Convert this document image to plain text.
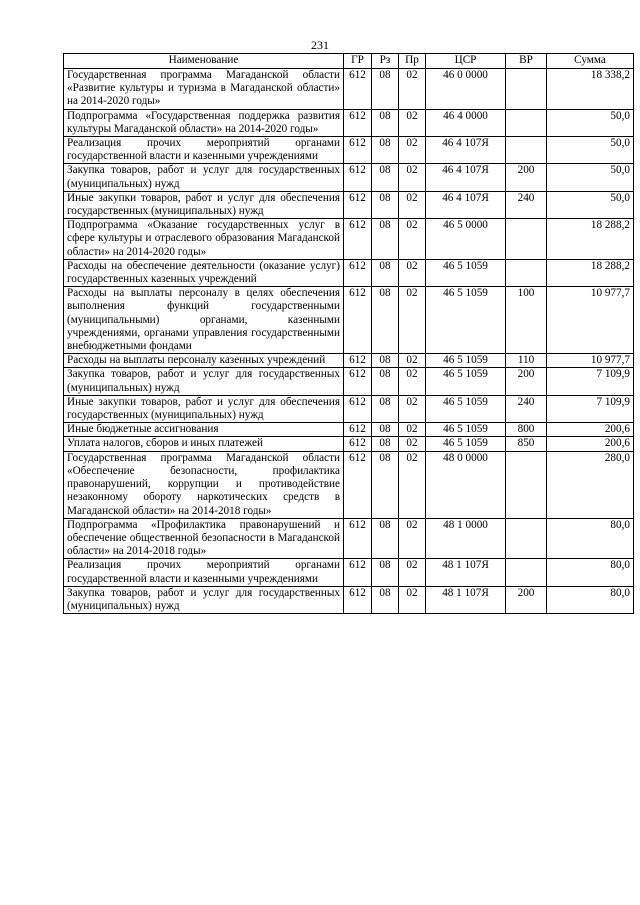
231
Наименование	ГР	Рз	Пр	ЦСР	ВР	Сумма
Государственная программа Магаданской области «Развитие культуры и туризма в Магаданской области» на 2014-2020 годы»	612	08	02	46 0 0000		18 338,2
Подпрограмма «Государственная поддержка развития культуры Магаданской области» на 2014-2020 годы»	612	08	02	46 4 0000		50,0
Реализация прочих мероприятий органами государственной власти и казенными учреждениями	612	08	02	46 4 107Я		50,0
Закупка товаров, работ и услуг для государственных (муниципальных) нужд	612	08	02	46 4 107Я	200	50,0
Иные закупки товаров, работ и услуг для обеспечения государственных (муниципальных) нужд	612	08	02	46 4 107Я	240	50,0
Подпрограмма «Оказание государственных услуг в сфере культуры и отраслевого образования Магаданской области» на 2014-2020 годы»	612	08	02	46 5 0000		18 288,2
Расходы на обеспечение деятельности (оказание услуг) государственных казенных учреждений	612	08	02	46 5 1059		18 288,2
Расходы на выплаты персоналу в целях обеспечения выполнения функций государственными (муниципальными) органами, казенными учреждениями, органами управления государственными внебюджетными фондами	612	08	02	46 5 1059	100	10 977,7
Расходы на выплаты персоналу казенных учреждений	612	08	02	46 5 1059	110	10 977,7
Закупка товаров, работ и услуг для государственных (муниципальных) нужд	612	08	02	46 5 1059	200	7 109,9
Иные закупки товаров, работ и услуг для обеспечения государственных (муниципальных) нужд	612	08	02	46 5 1059	240	7 109,9
Иные бюджетные ассигнования	612	08	02	46 5 1059	800	200,6
Уплата налогов, сборов и иных платежей	612	08	02	46 5 1059	850	200,6
Государственная программа Магаданской области «Обеспечение безопасности, профилактика правонарушений, коррупции и противодействие незаконному обороту наркотических средств в Магаданской области» на 2014-2018 годы»	612	08	02	48 0 0000		280,0
Подпрограмма «Профилактика правонарушений и обеспечение общественной безопасности в Магаданской области» на 2014-2018 годы»	612	08	02	48 1 0000		80,0
Реализация прочих мероприятий органами государственной власти и казенными учреждениями	612	08	02	48 1 107Я		80,0
Закупка товаров, работ и услуг для государственных (муниципальных) нужд	612	08	02	48 1 107Я	200	80,0
